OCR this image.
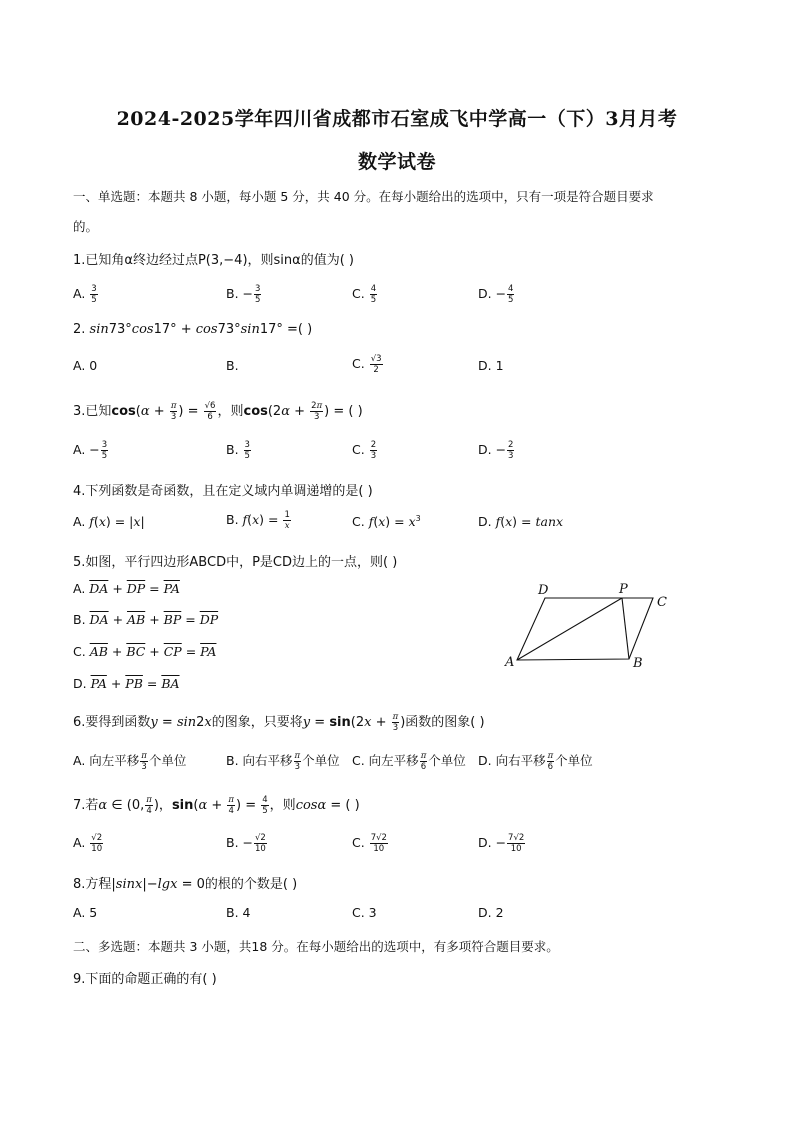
2024-2025学年四川省成都市石室成飞中学高一（下）3月月考
数学试卷
一、单选题：本题共 8 小题，每小题 5 分，共 40 分。在每小题给出的选项中，只有一项是符合题目要求
的。
1.已知角α终边经过点P(3,−4)，则sinα的值为( )
A. $\frac{3}{5}$	B. − $\frac{3}{5}$	C. $\frac{4}{5}$	D. − $\frac{4}{5}$
2. sin73°cos17° + cos73°sin17° =( )
A. 0	B.	C. $\frac{√3}{2}$	D. 1
3.已知$\cos(\alpha + \frac{\pi}{3}$ ) = $\frac{√6}{6}$ ，则$\cos(2\alpha + \frac{2\pi}{3}$ ) = ( )
A. − $\frac{3}{5}$	B. $\frac{3}{5}$	C. $\frac{2}{3}$	D. − $\frac{2}{3}$
4.下列函数是奇函数，且在定义域内单调递增的是( )
A. f(x) = |x|	B. $f(x) = \frac{1}{x}$	C. $f(x) = x^3$	D. f(x) = tanx
5.如图，平行四边形ABCD中，P是CD边上的一点，则( )
A. $\overline{DA} + \overline{DP} = \overline{PA}$
B. $\overline{DA} + \overline{AB} + \overline{BP} = \overline{DP}$
C. $\overline{AB} + \overline{BC} + \overline{CP} = \overline{PA}$
D. $\overline{PA} + \overline{PB} = \overline{BA}$
D	P
C
A	B
6.要得到函数y = sin2x的图象，只要将$y = \sin(2x + \frac{\pi}{3}$ )函数的图象( )
A. 向左平移 $\frac{\pi}{3}$ 个单位	B. 向右平移 $\frac{\pi}{3}$ 个单位 C. 向左平移 $\frac{\pi}{6}$ 个单位 D. 向右平移 $\frac{\pi}{6}$ 个单位
7.若α ∈ (0, $\frac{\pi}{4}$ )，$\sin(\alpha + \frac{\pi}{4}$ ) = $\frac{4}{5}$ ，则cosα = ( )
A. $\frac{√2}{10}$	B. − $\frac{√2}{10}$	C. $\frac{7√2}{10}$	D. − $\frac{7√2}{10}$
8.方程|sinx|−lgx = 0的根的个数是( )
A. 5	B. 4	C. 3	D. 2
二、多选题：本题共 3 小题，共18 分。在每小题给出的选项中，有多项符合题目要求。
9.下面的命题正确的有( )
